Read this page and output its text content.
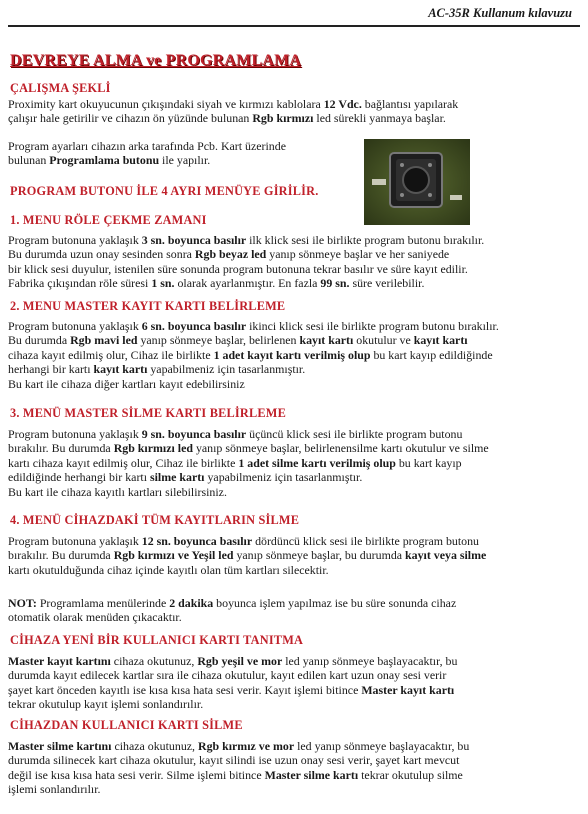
AC-35R Kullanum kılavuzu
DEVREYE ALMA ve PROGRAMLAMA
ÇALIŞMA ŞEKLİ

Proximity kart okuyucunun çıkışındaki siyah ve kırmızı kablolara 12 Vdc. bağlantısı yapılarak
çalışır hale getirilir ve cihazın ön yüzünde bulunan Rgb kırmızı led sürekli yanmaya başlar.

Program ayarları cihazın arka tarafında Pcb. Kart üzerinde
bulunan Programlama butonu ile yapılır.

PROGRAM BUTONU İLE 4 AYRI MENÜYE GİRİLİR.
1. MENU RÖLE ÇEKME ZAMANI

Program butonuna yaklaşık 3 sn. boyunca basılır ilk klick sesi ile birlikte program butonu bırakılır.
Bu durumda uzun onay sesinden sonra Rgb beyaz led yanıp sönmeye başlar ve her saniyede
bir klick sesi duyulur, istenilen süre sonunda program butonuna tekrar basılır ve süre kayıt edilir.
Fabrika çıkışından röle süresi 1 sn. olarak ayarlanmıştır. En fazla 99 sn. süre verilebilir.

2. MENU MASTER KAYIT KARTI BELİRLEME

Program butonuna yaklaşık 6 sn. boyunca basılır ikinci klick sesi ile birlikte program butonu bırakılır.
Bu durumda Rgb mavi led yanıp sönmeye başlar, belirlenen kayıt kartı okutulur ve kayıt kartı
cihaza kayıt edilmiş olur, Cihaz ile birlikte 1 adet kayıt kartı verilmiş olup bu kart kayıp edildiğinde
herhangi bir kartı kayıt kartı yapabilmeniz için tasarlanmıştır.
Bu kart ile cihaza diğer kartları kayıt edebilirsiniz

3. MENÜ MASTER SİLME KARTI BELİRLEME

Program butonuna yaklaşık 9 sn. boyunca basılır üçüncü klick sesi ile birlikte program butonu
bırakılır. Bu durumda Rgb kırmızı led yanıp sönmeye başlar, belirlenensilme kartı okutulur ve silme
kartı cihaza kayıt edilmiş olur, Cihaz ile birlikte 1 adet silme kartı verilmiş olup bu kart kayıp
edildiğinde herhangi bir kartı silme kartı yapabilmeniz için tasarlanmıştır.
Bu kart ile cihaza kayıtlı kartları silebilirsiniz.

4. MENÜ CİHAZDAKİ TÜM KAYITLARIN SİLME

Program butonuna yaklaşık 12 sn. boyunca basılır dördüncü klick sesi ile birlikte program butonu
bırakılır. Bu durumda Rgb kırmızı ve Yeşil led yanıp sönmeye başlar, bu durumda kayıt veya silme
kartı okutulduğunda cihaz içinde kayıtlı olan tüm kartları silecektir.

NOT: Programlama menülerinde 2 dakika boyunca işlem yapılmaz ise bu süre sonunda cihaz
otomatik olarak menüden çıkacaktır.

CİHAZA YENİ BİR KULLANICI KARTI TANITMA

Master kayıt kartını cihaza okutunuz, Rgb yeşil ve mor led yanıp sönmeye başlayacaktır, bu
durumda kayıt edilecek kartlar sıra ile cihaza okutulur, kayıt edilen kart uzun onay sesi verir
şayet kart önceden kayıtlı ise kısa kısa hata sesi verir. Kayıt işlemi bitince Master kayıt kartı
tekrar okutulup kayıt işlemi sonlandırılır.

CİHAZDAN KULLANICI KARTI SİLME

Master silme kartını cihaza okutunuz, Rgb kırmız ve mor led yanıp sönmeye başlayacaktır, bu
durumda silinecek kart cihaza okutulur, kayıt silindi ise uzun onay sesi verir, şayet kart mevcut
değil ise kısa kısa hata sesi verir. Silme işlemi bitince Master silme kartı tekrar okutulup silme
işlemi sonlandırılır.
